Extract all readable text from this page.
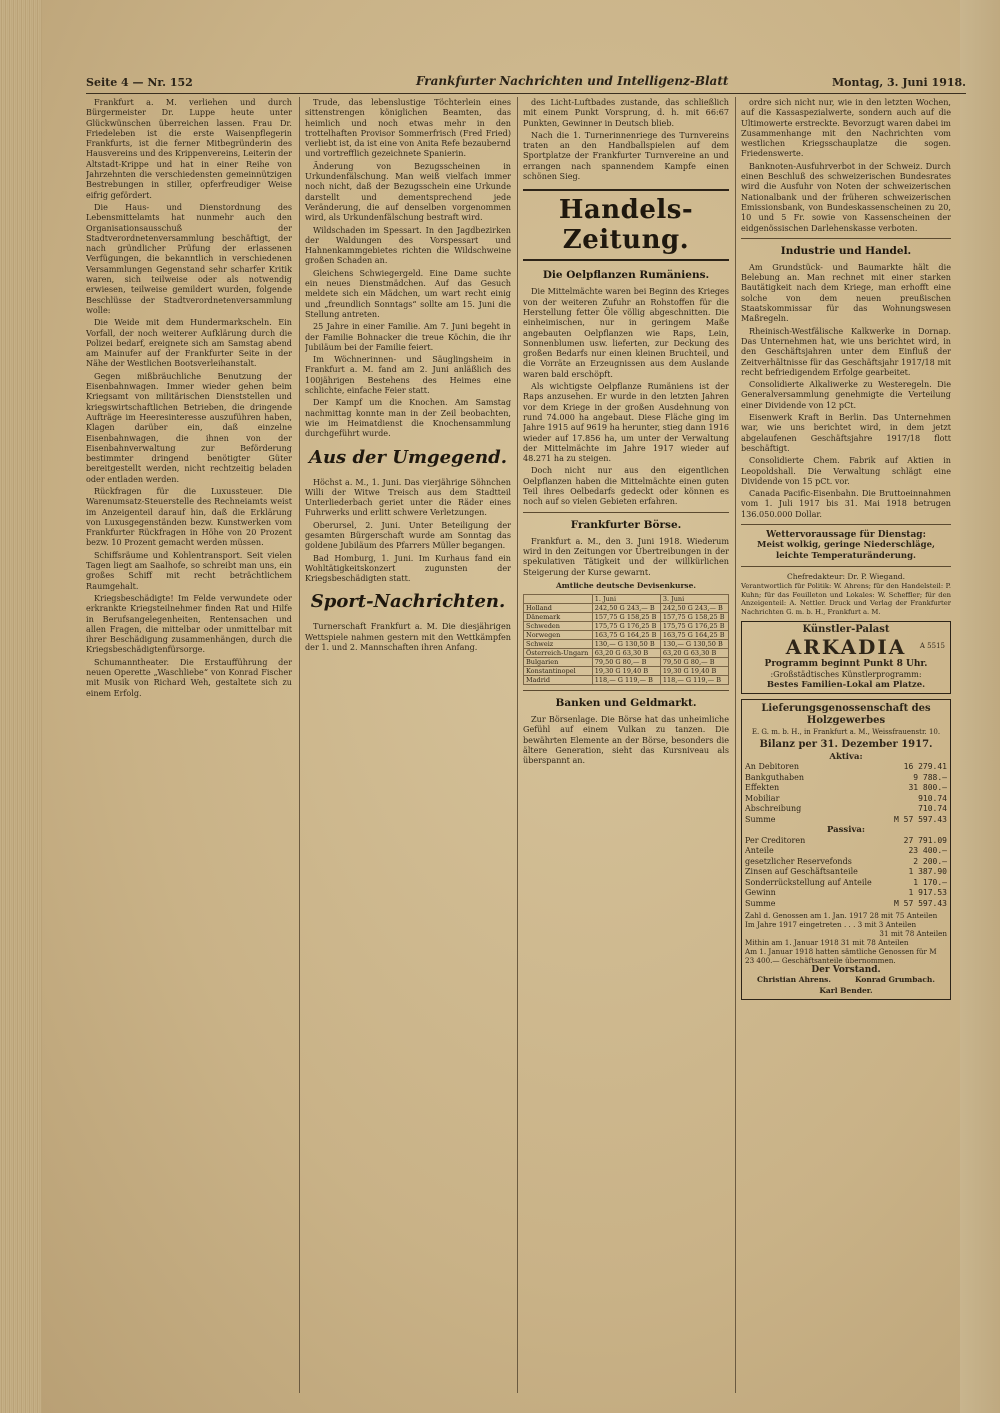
Seite 4 — Nr. 152	Frankfurter Nachrichten und Intelligenz-Blatt	Montag, 3. Juni 1918.

Frankfurt a. M. verliehen und durch Bürgermeister Dr. Luppe heute unter Glückwünschen überreichen lassen. Frau Dr. Friedeleben ist die erste Waisenpflegerin Frankfurts, ist die ferner Mitbegründerin des Hausvereins und des Krippenvereins, Leiterin der Altstadt-Krippe und hat in einer Reihe von Jahrzehnten die verschiedensten gemeinnützigen Bestrebungen in stiller, opferfreudiger Weise eifrig gefördert.

Die Haus- und Dienstordnung des Lebensmittelamts hat nunmehr auch den Organisationsausschuß der Stadtverordnetenversammlung beschäftigt, der nach gründlicher Prüfung der erlassenen Verfügungen, die bekanntlich in verschiedenen Versammlungen Gegenstand sehr scharfer Kritik waren, sich teilweise oder als notwendig erwiesen, teilweise gemildert wurden, folgende Beschlüsse der Stadtverordnetenversammlung wolle:

Die Weide mit dem Hundermarkscheln. Ein Vorfall, der noch weiterer Aufklärung durch die Polizei bedarf, ereignete sich am Samstag abend am Mainufer auf der Frankfurter Seite in der Nähe der Westlichen Bootsverleihanstalt.

Gegen mißbräuchliche Benutzung der Eisenbahnwagen. Immer wieder gehen beim Kriegsamt von militärischen Dienststellen und kriegswirtschaftlichen Betrieben, die dringende Aufträge im Heeresinteresse auszuführen haben, Klagen darüber ein, daß einzelne Eisenbahnwagen, die ihnen von der Eisenbahnverwaltung zur Beförderung bestimmter dringend benötigter Güter bereitgestellt werden, nicht rechtzeitig beladen oder entladen werden.

Rückfragen für die Luxussteuer. Die Warenumsatz-Steuerstelle des Rechneiamts weist im Anzeigenteil darauf hin, daß die Erklärung von Luxusgegenständen bezw. Kunstwerken vom Frankfurter Rückfragen in Höhe von 20 Prozent bezw. 10 Prozent gemacht werden müssen.

Schiffsräume und Kohlentransport. Seit vielen Tagen liegt am Saalhofe, so schreibt man uns, ein großes Schiff mit recht beträchtlichem Raumgehalt.

Kriegsbeschädigte! Im Felde verwundete oder erkrankte Kriegsteilnehmer finden Rat und Hilfe in Berufsangelegenheiten, Rentensachen und allen Fragen, die mittelbar oder unmittelbar mit ihrer Beschädigung zusammenhängen, durch die Kriegsbeschädigtenfürsorge.

Schumanntheater. Die Erstaufführung der neuen Operette „Waschliebe“ von Konrad Fischer mit Musik von Richard Weh, gestaltete sich zu einem Erfolg.

Trude, das lebenslustige Töchterlein eines sittenstrengen königlichen Beamten, das heimlich und noch etwas mehr in den trottelhaften Provisor Sommerfrisch (Fred Fried) verliebt ist, da ist eine von Anita Refe bezaubernd und vortrefflich gezeichnete Spanierin.

Änderung von Bezugsscheinen in Urkundenfälschung. Man weiß vielfach immer noch nicht, daß der Bezugsschein eine Urkunde darstellt und dementsprechend jede Veränderung, die auf denselben vorgenommen wird, als Urkundenfälschung bestraft wird.

Wildschaden im Spessart. In den Jagdbezirken der Waldungen des Vorspessart und Hahnenkammgebietes richten die Wildschweine großen Schaden an.

Gleichens Schwiegergeld. Eine Dame suchte ein neues Dienstmädchen. Auf das Gesuch meldete sich ein Mädchen, um wart recht einig und „freundlich Sonntags“ sollte am 15. Juni die Stellung antreten.

25 Jahre in einer Familie. Am 7. Juni begeht in der Familie Bohnacker die treue Köchin, die ihr Jubiläum bei der Familie feiert.

Im Wöchnerinnen- und Säuglingsheim in Frankfurt a. M. fand am 2. Juni anläßlich des 100jährigen Bestehens des Heimes eine schlichte, einfache Feier statt.

Der Kampf um die Knochen. Am Samstag nachmittag konnte man in der Zeil beobachten, wie im Heimatdienst die Knochensammlung durchgeführt wurde.

Aus der Umgegend.

Höchst a. M., 1. Juni. Das vierjährige Söhnchen Willi der Witwe Treisch aus dem Stadtteil Unterliederbach geriet unter die Räder eines Fuhrwerks und erlitt schwere Verletzungen.

Oberursel, 2. Juni. Unter Beteiligung der gesamten Bürgerschaft wurde am Sonntag das goldene Jubiläum des Pfarrers Müller begangen.

Bad Homburg, 1. Juni. Im Kurhaus fand ein Wohltätigkeitskonzert zugunsten der Kriegsbeschädigten statt.

Sport-Nachrichten.

Turnerschaft Frankfurt a. M. Die diesjährigen Wettspiele nahmen gestern mit den Wettkämpfen der 1. und 2. Mannschaften ihren Anfang.

des Licht-Luftbades zustande, das schließlich mit einem Punkt Vorsprung, d. h. mit 66:67 Punkten, Gewinner in Deutsch blieb.

Nach die 1. Turnerinnenriege des Turnvereins traten an den Handballspielen auf dem Sportplatze der Frankfurter Turnvereine an und errangen nach spannendem Kampfe einen schönen Sieg.

Handels-Zeitung.
Die Oelpflanzen Rumäniens.

Die Mittelmächte waren bei Beginn des Krieges von der weiteren Zufuhr an Rohstoffen für die Herstellung fetter Öle völlig abgeschnitten. Die einheimischen, nur in geringem Maße angebauten Oelpflanzen wie Raps, Lein, Sonnenblumen usw. lieferten, zur Deckung des großen Bedarfs nur einen kleinen Bruchteil, und die Vorräte an Erzeugnissen aus dem Auslande waren bald erschöpft.

Als wichtigste Oelpflanze Rumäniens ist der Raps anzusehen. Er wurde in den letzten Jahren vor dem Kriege in der großen Ausdehnung von rund 74.000 ha angebaut. Diese Fläche ging im Jahre 1915 auf 9619 ha herunter, stieg dann 1916 wieder auf 17.856 ha, um unter der Verwaltung der Mittelmächte im Jahre 1917 wieder auf 48.271 ha zu steigen.

Doch nicht nur aus den eigentlichen Oelpflanzen haben die Mittelmächte einen guten Teil ihres Oelbedarfs gedeckt oder können es noch auf so vielen Gebieten erfahren.

Frankfurter Börse.

Frankfurt a. M., den 3. Juni 1918. Wiederum wird in den Zeitungen vor Übertreibungen in der spekulativen Tätigkeit und der willkürlichen Steigerung der Kurse gewarnt.

Amtliche deutsche Devisenkurse.
	1. Juni	3. Juni
Holland	242,50 G 243,— B	242,50 G 243,— B
Dänemark	157,75 G 158,25 B	157,75 G 158,25 B
Schweden	175,75 G 176,25 B	175,75 G 176,25 B
Norwegen	163,75 G 164,25 B	163,75 G 164,25 B
Schweiz	130,— G 130,50 B	130,— G 130,50 B
Österreich-Ungarn	63,20 G 63,30 B	63,20 G 63,30 B
Bulgarien	79,50 G 80,— B	79,50 G 80,— B
Konstantinopel	19,30 G 19,40 B	19,30 G 19,40 B
Madrid	118,— G 119,— B	118,— G 119,— B
Banken und Geldmarkt.

Zur Börsenlage. Die Börse hat das unheimliche Gefühl auf einem Vulkan zu tanzen. Die bewährten Elemente an der Börse, besonders die ältere Generation, sieht das Kursniveau als überspannt an.

ordre sich nicht nur, wie in den letzten Wochen, auf die Kassaspezialwerte, sondern auch auf die Ultimowerte erstreckte. Bevorzugt waren dabei im Zusammenhange mit den Nachrichten vom westlichen Kriegsschauplatze die sogen. Friedenswerte.

Banknoten-Ausfuhrverbot in der Schweiz. Durch einen Beschluß des schweizerischen Bundesrates wird die Ausfuhr von Noten der schweizerischen Nationalbank und der früheren schweizerischen Emissionsbank, von Bundeskassenscheinen zu 20, 10 und 5 Fr. sowie von Kassenscheinen der eidgenössischen Darlehenskasse verboten.

Industrie und Handel.

Am Grundstück- und Baumarkte hält die Belebung an. Man rechnet mit einer starken Bautätigkeit nach dem Kriege, man erhofft eine solche von dem neuen preußischen Staatskommissar für das Wohnungswesen Maßregeln.

Rheinisch-Westfälische Kalkwerke in Dornap. Das Unternehmen hat, wie uns berichtet wird, in den Geschäftsjahren unter dem Einfluß der Zeitverhältnisse für das Geschäftsjahr 1917/18 mit recht befriedigendem Erfolge gearbeitet.

Consolidierte Alkaliwerke zu Westeregeln. Die Generalversammlung genehmigte die Verteilung einer Dividende von 12 pCt.

Eisenwerk Kraft in Berlin. Das Unternehmen war, wie uns berichtet wird, in dem jetzt abgelaufenen Geschäftsjahre 1917/18 flott beschäftigt.

Consolidierte Chem. Fabrik auf Aktien in Leopoldshall. Die Verwaltung schlägt eine Dividende von 15 pCt. vor.

Canada Pacific-Eisenbahn. Die Bruttoeinnahmen vom 1. Juli 1917 bis 31. Mai 1918 betrugen 136.050.000 Dollar.

Wettervoraussage für Dienstag:
Meist wolkig, geringe Niederschläge, leichte Temperaturänderung.
Chefredakteur: Dr. P. Wiegand.
Verantwortlich für Politik: W. Ahrens; für den Handelsteil: P. Kuhn; für das Feuilleton und Lokales: W. Scheffler; für den Anzeigenteil: A. Nettler. Druck und Verlag der Frankfurter Nachrichten G. m. b. H., Frankfurt a. M.
Künstler-Palast
ARKADIA A 5515
Programm beginnt Punkt 8 Uhr.
:Großstädtisches Künstlerprogramm:
Bestes Familien-Lokal am Platze.
Lieferungsgenossenschaft des Holzgewerbes
E. G. m. b. H., in Frankfurt a. M., Weissfrauenstr. 10.
Bilanz per 31. Dezember 1917.
Aktiva:
An Debitoren	16 279.41
Bankguthaben	9 788.—
Effekten	31 800.—
Mobiliar	910.74
Abschreibung	710.74
Summe	M 57 597.43
Passiva:
Per Creditoren	27 791.09
Anteile	23 400.—
gesetzlicher Reservefonds	2 200.—
Zinsen auf Geschäftsanteile	1 387.90
Sonderrückstellung auf Anteile	1 170.—
Gewinn	1 917.53
Summe	M 57 597.43
Zahl d. Genossen am 1. Jan. 1917 28 mit 75 Anteilen
Im Jahre 1917 eingetreten . . . 3 mit 3 Anteilen
31 mit 78 Anteilen
Mithin am 1. Januar 1918 31 mit 78 Anteilen
Am 1. Januar 1918 hatten sämtliche Genossen für M 23 400.— Geschäftsanteile übernommen.
Der Vorstand.
Christian Ahrens.	Konrad Grumbach.
Karl Bender.
